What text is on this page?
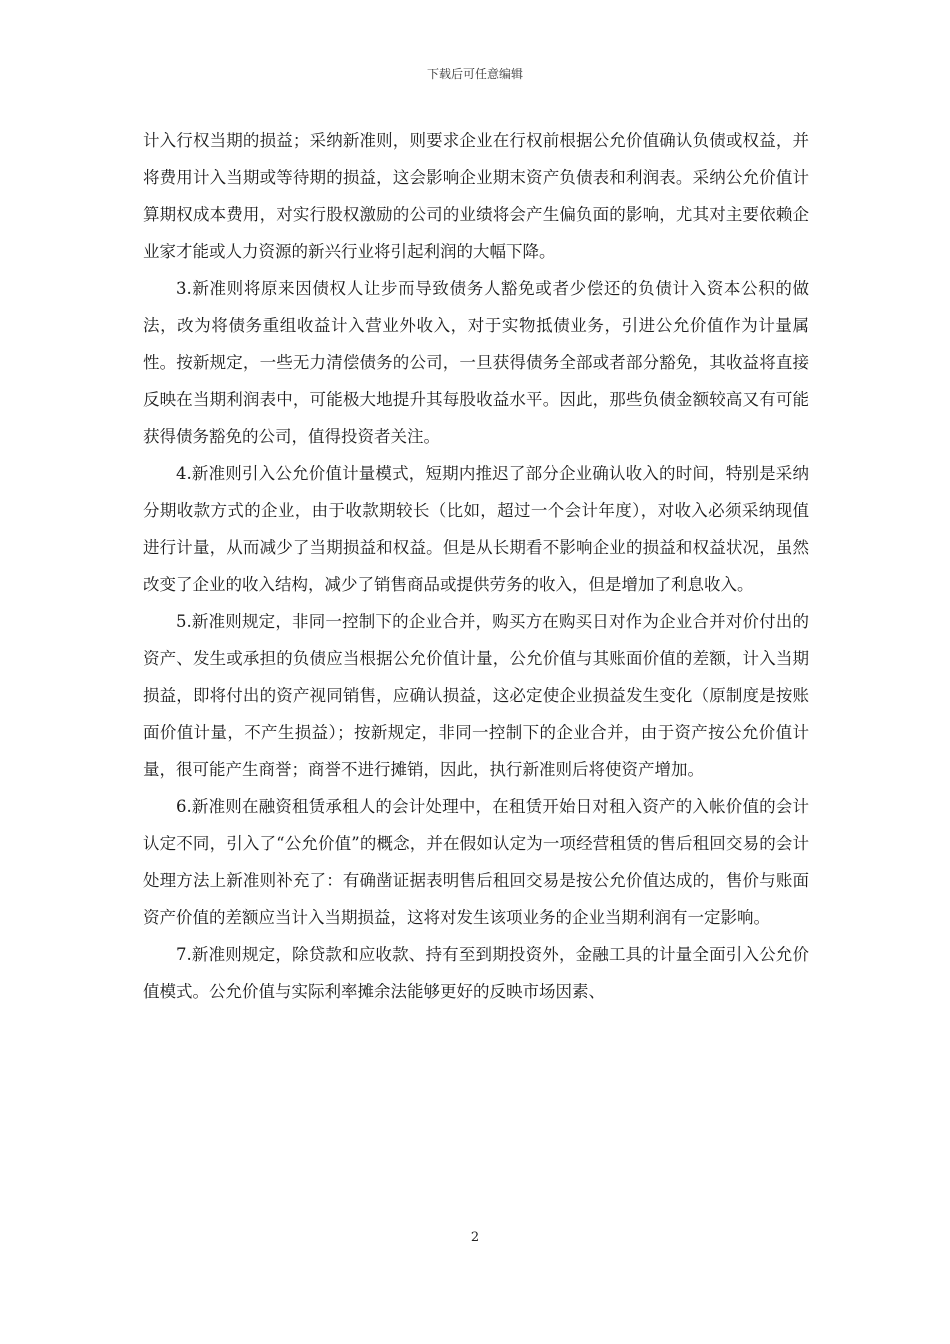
下载后可任意编辑

计入行权当期的损益；采纳新准则，则要求企业在行权前根据公允价值确认负债或权益，并将费用计入当期或等待期的损益，这会影响企业期末资产负债表和利润表。采纳公允价值计算期权成本费用，对实行股权激励的公司的业绩将会产生偏负面的影响，尤其对主要依赖企业家才能或人力资源的新兴行业将引起利润的大幅下降。

3.新准则将原来因债权人让步而导致债务人豁免或者少偿还的负债计入资本公积的做法，改为将债务重组收益计入营业外收入，对于实物抵债业务，引进公允价值作为计量属性。按新规定，一些无力清偿债务的公司，一旦获得债务全部或者部分豁免，其收益将直接反映在当期利润表中，可能极大地提升其每股收益水平。因此，那些负债金额较高又有可能获得债务豁免的公司，值得投资者关注。

4.新准则引入公允价值计量模式，短期内推迟了部分企业确认收入的时间，特别是采纳分期收款方式的企业，由于收款期较长（比如，超过一个会计年度），对收入必须采纳现值进行计量，从而减少了当期损益和权益。但是从长期看不影响企业的损益和权益状况，虽然改变了企业的收入结构，减少了销售商品或提供劳务的收入，但是增加了利息收入。

5.新准则规定，非同一控制下的企业合并，购买方在购买日对作为企业合并对价付出的资产、发生或承担的负债应当根据公允价值计量，公允价值与其账面价值的差额，计入当期损益，即将付出的资产视同销售，应确认损益，这必定使企业损益发生变化（原制度是按账面价值计量，不产生损益）；按新规定，非同一控制下的企业合并，由于资产按公允价值计量，很可能产生商誉；商誉不进行摊销，因此，执行新准则后将使资产增加。

6.新准则在融资租赁承租人的会计处理中，在租赁开始日对租入资产的入帐价值的会计认定不同，引入了“公允价值”的概念，并在假如认定为一项经营租赁的售后租回交易的会计处理方法上新准则补充了：有确凿证据表明售后租回交易是按公允价值达成的，售价与账面资产价值的差额应当计入当期损益，这将对发生该项业务的企业当期利润有一定影响。

7.新准则规定，除贷款和应收款、持有至到期投资外，金融工具的计量全面引入公允价值模式。公允价值与实际利率摊余法能够更好的反映市场因素、

2
